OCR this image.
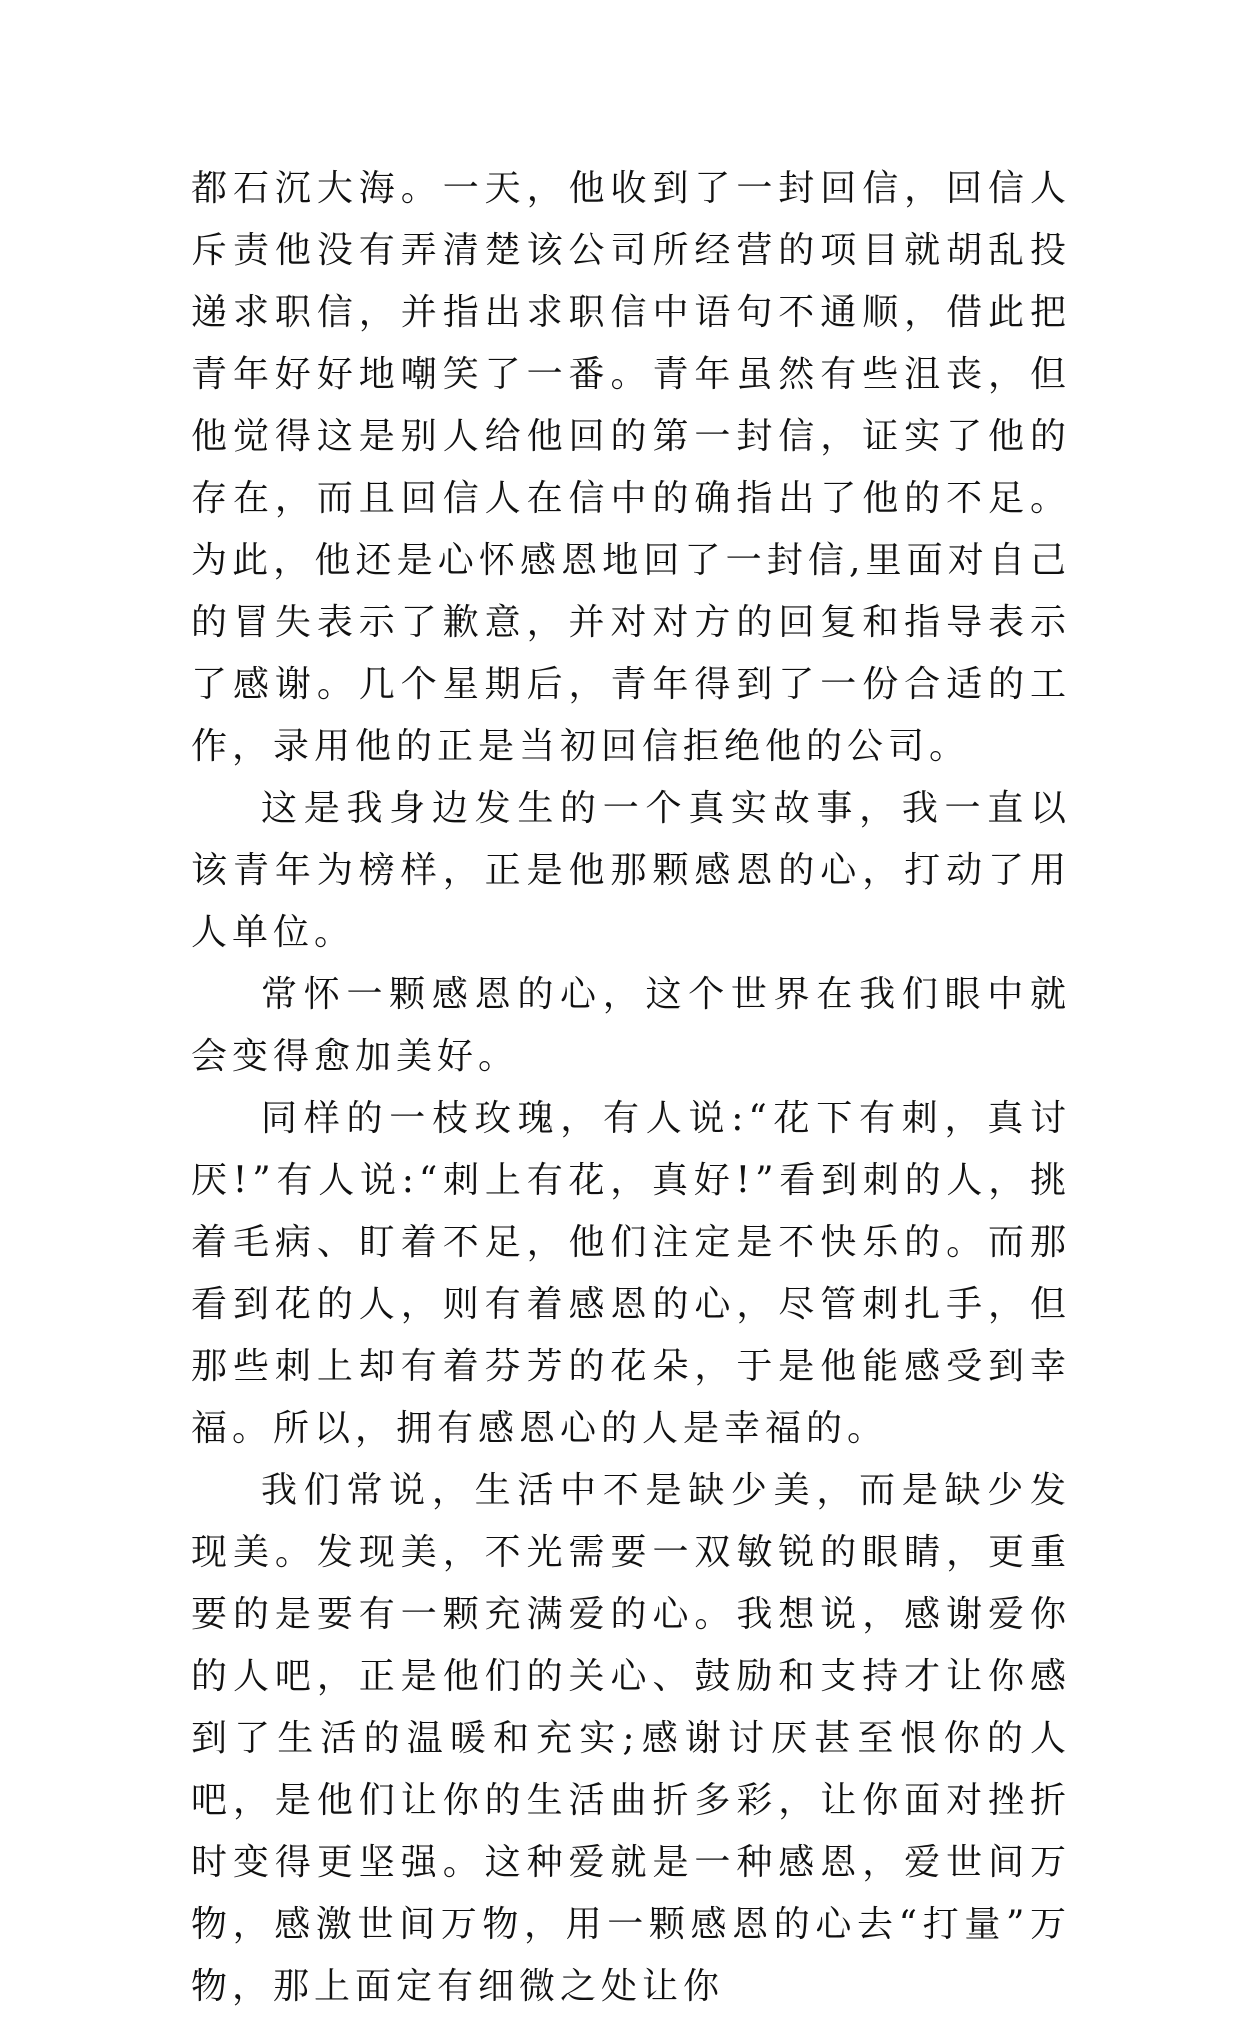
都石沉大海。一天，他收到了一封回信，回信人斥责他没有弄清楚该公司所经营的项目就胡乱投递求职信，并指出求职信中语句不通顺，借此把青年好好地嘲笑了一番。青年虽然有些沮丧，但他觉得这是别人给他回的第一封信，证实了他的存在，而且回信人在信中的确指出了他的不足。为此，他还是心怀感恩地回了一封信,里面对自己的冒失表示了歉意，并对对方的回复和指导表示了感谢。几个星期后，青年得到了一份合适的工作，录用他的正是当初回信拒绝他的公司。

这是我身边发生的一个真实故事，我一直以该青年为榜样，正是他那颗感恩的心，打动了用人单位。

常怀一颗感恩的心，这个世界在我们眼中就会变得愈加美好。

同样的一枝玫瑰，有人说:“花下有刺，真讨厌!”有人说:“刺上有花，真好!”看到刺的人，挑着毛病、盯着不足，他们注定是不快乐的。而那看到花的人，则有着感恩的心，尽管刺扎手，但那些刺上却有着芬芳的花朵，于是他能感受到幸福。所以，拥有感恩心的人是幸福的。

我们常说，生活中不是缺少美，而是缺少发现美。发现美，不光需要一双敏锐的眼睛，更重要的是要有一颗充满爱的心。我想说，感谢爱你的人吧，正是他们的关心、鼓励和支持才让你感到了生活的温暖和充实;感谢讨厌甚至恨你的人吧，是他们让你的生活曲折多彩，让你面对挫折时变得更坚强。这种爱就是一种感恩，爱世间万物，感激世间万物，用一颗感恩的心去“打量”万物，那上面定有细微之处让你
